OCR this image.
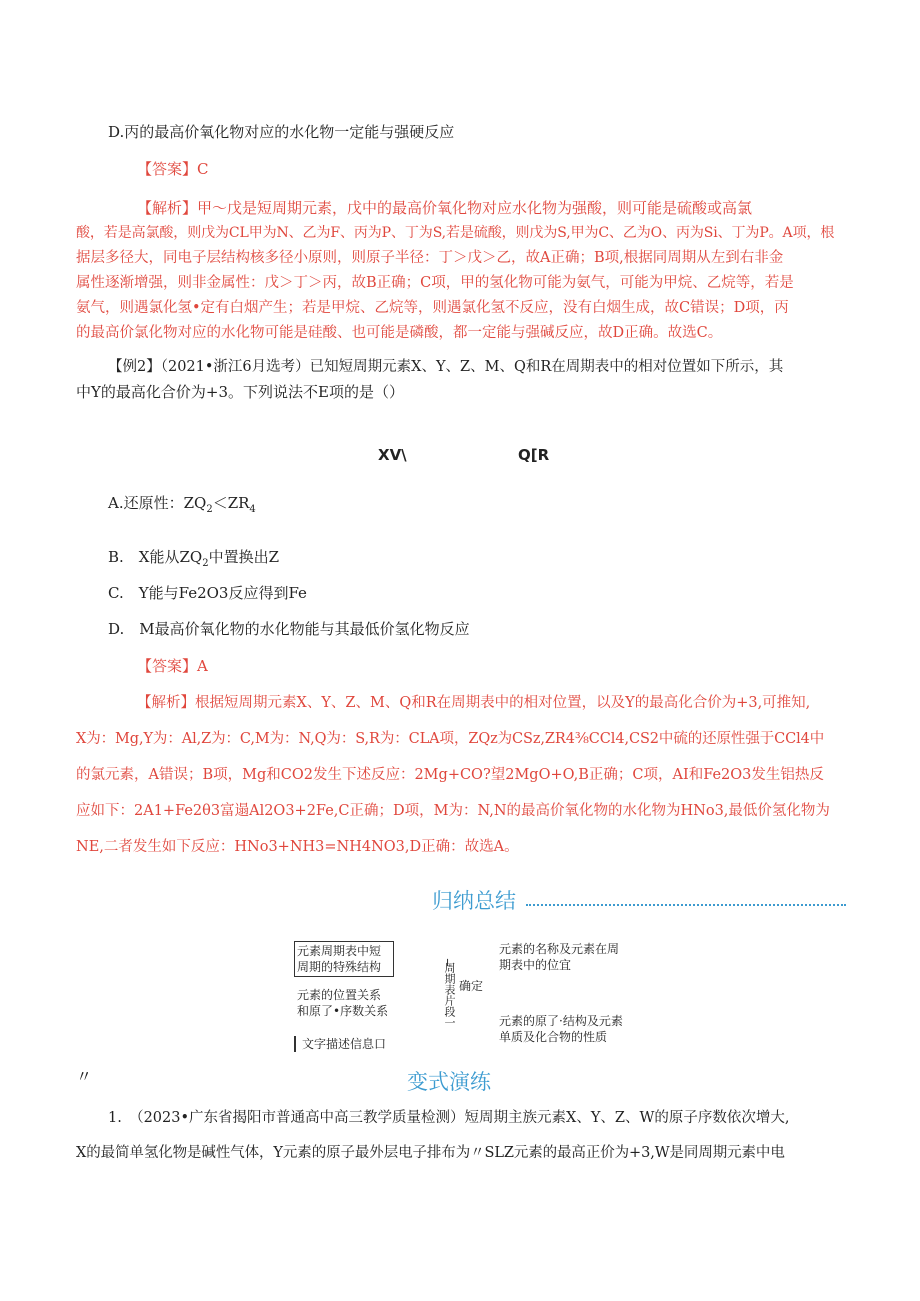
D.丙的最高价氧化物对应的水化物一定能与强硬反应
【答案】C
【解析】甲～戊是短周期元素，戊中的最高价氧化物对应水化物为强酸，则可能是硫酸或高氯
酸，若是高氯酸，则戊为CL甲为N、乙为F、丙为P、丁为S,若是硫酸，则戊为S,甲为C、乙为O、丙为Si、丁为P。A项，根
据层多径大，同电子层结构核多径小原则，则原子半径：丁＞戊＞乙，故A正确；B项,根据同周期从左到右非金
属性逐渐增强，则非金属性：戊＞丁＞丙，故B正确；C项，甲的氢化物可能为氨气，可能为甲烷、乙烷等，若是
氨气，则遇氯化氢•定有白烟产生；若是甲烷、乙烷等，则遇氯化氢不反应，没有白烟生成，故C错误；D项，丙
的最高价氯化物对应的水化物可能是硅酸、也可能是磷酸，都一定能与强碱反应，故D正确。故选C。
【例2】（2021•浙江6月选考）已知短周期元素X、Y、Z、M、Q和R在周期表中的相对位置如下所示，其
中Y的最高化合价为+3。下列说法不E项的是（）
XV\	Q[R
A.还原性：$ZQ_2<ZR_4$
B.　X能从$ZQ_2$中置换出Z
C.　Y能与Fe2O3反应得到Fe
D.　M最高价氧化物的水化物能与其最低价氢化物反应
【答案】A
【解析】根据短周期元素X、Y、Z、M、Q和R在周期表中的相对位置，以及Y的最高化合价为+3,可推知,
X为：Mg,Y为：Al,Z为：C,M为：N,Q为：S,R为：CLA项，ZQz为CSz,ZR4⅜CCl4,CS2中硫的还原性强于CCl4中
的氯元素，A错误；B项，Mg和CO2发生下述反应：2Mg+CO?望2MgO+O,B正确；C项，AI和Fe2O3发生铝热反
应如下：2A1+Fe2θ3富遢Al2O3+2Fe,C正确；D项，M为：N,N的最高价氧化物的水化物为HNo3,最低价氢化物为
NE,二者发生如下反应：HNo3+NH3=NH4NO3,D正确：故选A。
归纳总结
元素周期表中短
周期的特殊结构
元素的位置关系
和原了•序数关系
文字描述信息口
╷
周期表片段一 确定
元素的名称及元素在周
期表中的位宜
元素的原了·结构及元素
单质及化合物的性质
〃	变式演练
1.　（2023•广东省揭阳市普通高中高三教学质量检测）短周期主族元素X、Y、Z、W的原子序数依次增大,
X的最简单氢化物是碱性气体，Y元素的原子最外层电子排布为〃SLZ元素的最高正价为+3,W是同周期元素中电
